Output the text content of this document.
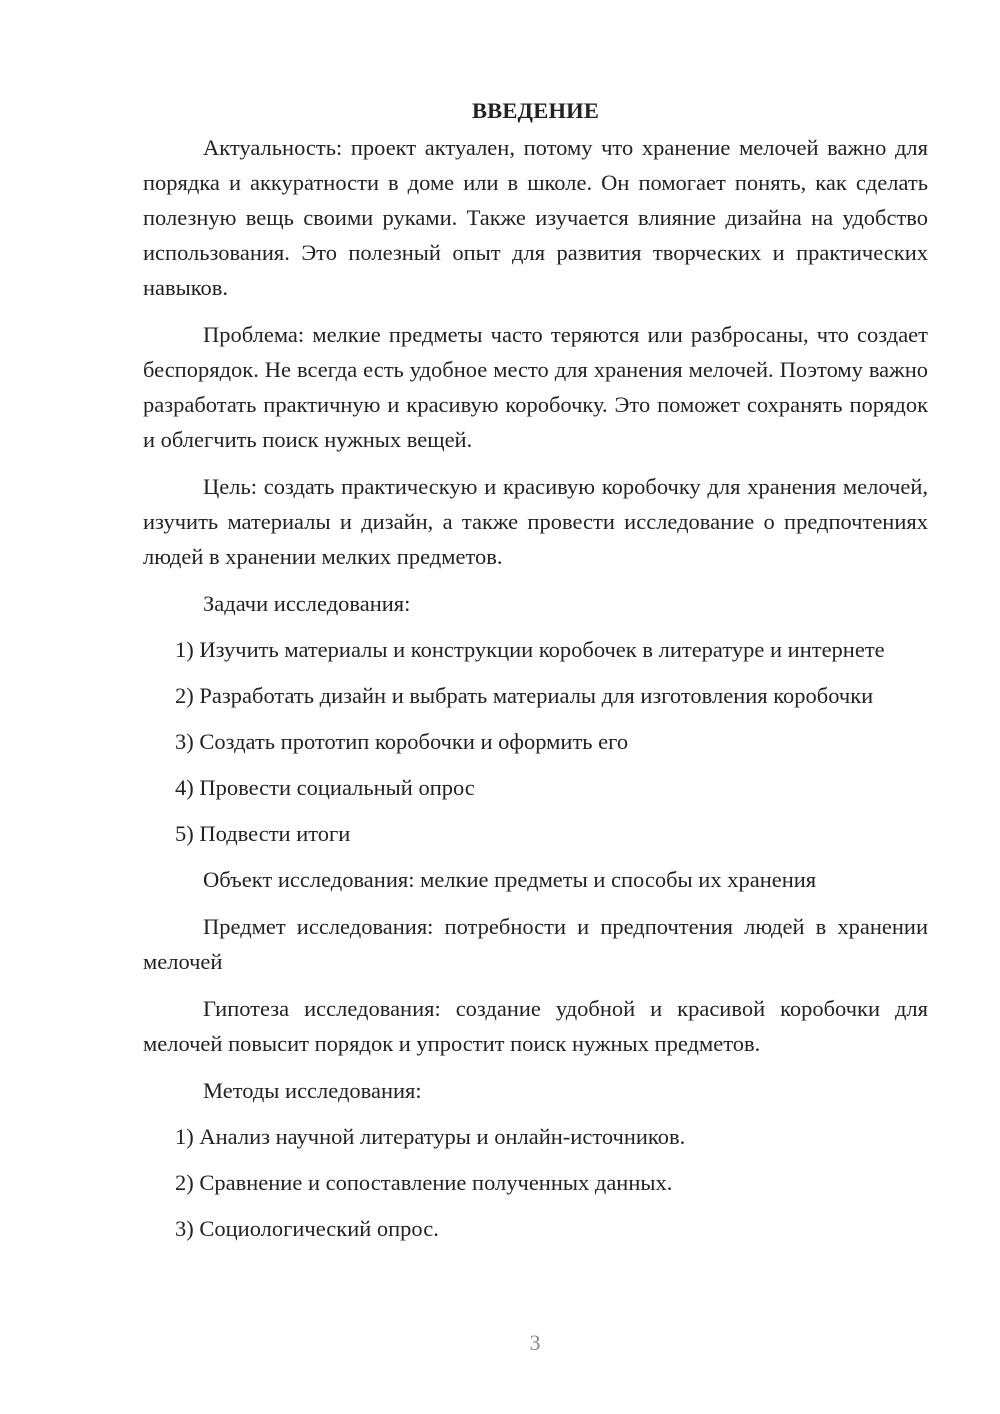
ВВЕДЕНИЕ

Актуальность: проект актуален, потому что хранение мелочей важно для порядка и аккуратности в доме или в школе. Он помогает понять, как сделать полезную вещь своими руками. Также изучается влияние дизайна на удобство использования. Это полезный опыт для развития творческих и практических навыков.

Проблема: мелкие предметы часто теряются или разбросаны, что создает беспорядок. Не всегда есть удобное место для хранения мелочей. Поэтому важно разработать практичную и красивую коробочку. Это поможет сохранять порядок и облегчить поиск нужных вещей.

Цель: создать практическую и красивую коробочку для хранения мелочей, изучить материалы и дизайн, а также провести исследование о предпочтениях людей в хранении мелких предметов.

Задачи исследования:

1) Изучить материалы и конструкции коробочек в литературе и интернете

2) Разработать дизайн и выбрать материалы для изготовления коробочки

3) Создать прототип коробочки и оформить его

4) Провести социальный опрос

5) Подвести итоги

Объект исследования: мелкие предметы и способы их хранения

Предмет исследования: потребности и предпочтения людей в хранении мелочей

Гипотеза исследования: создание удобной и красивой коробочки для мелочей повысит порядок и упростит поиск нужных предметов.

Методы исследования:

1) Анализ научной литературы и онлайн-источников.

2) Сравнение и сопоставление полученных данных.

3) Социологический опрос.

3
